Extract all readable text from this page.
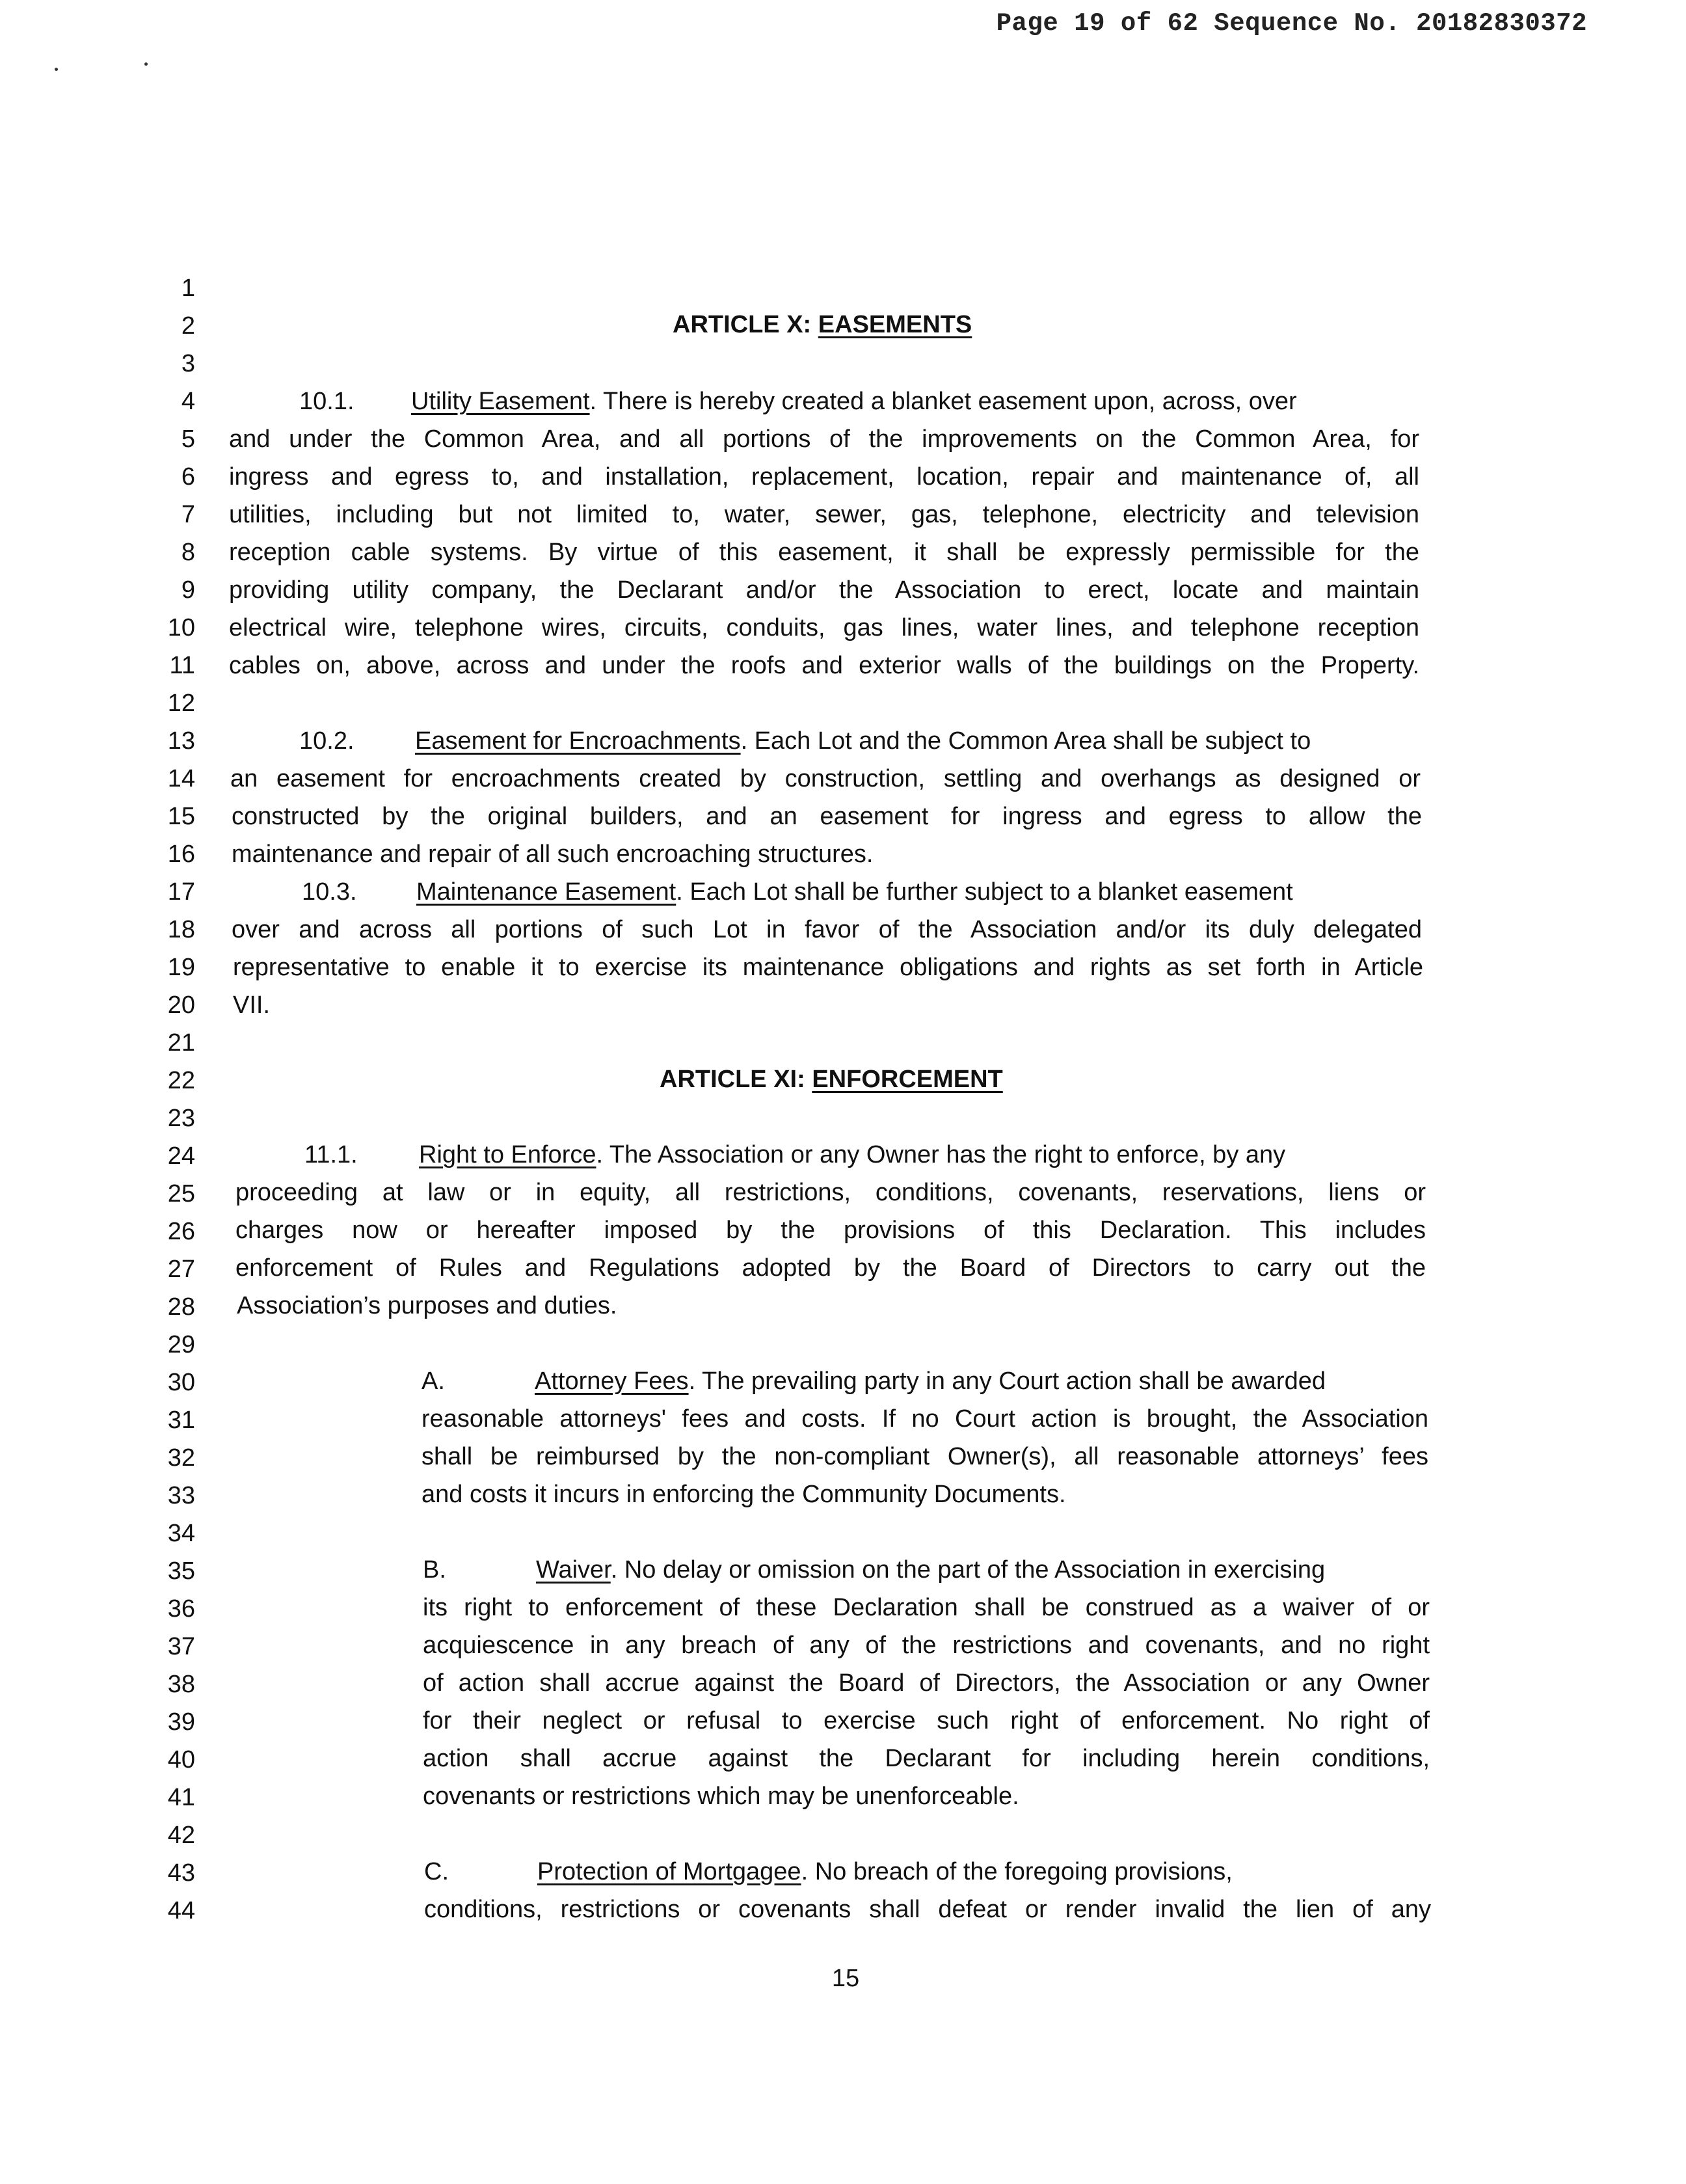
Page 19 of 62 Sequence No. 20182830372
1
2
3
4
5
6
7
8
9
10
11
12
13
14
15
16
17
18
19
20
21
22
23
24
25
26
27
28
29
30
31
32
33
34
35
36
37
38
39
40
41
42
43
44
ARTICLE X: EASEMENTS
10.1. Utility Easement. There is hereby created a blanket easement upon, across, over
and under the Common Area, and all portions of the improvements on the Common Area, for
ingress and egress to, and installation, replacement, location, repair and maintenance of, all
utilities, including but not limited to, water, sewer, gas, telephone, electricity and television
reception cable systems. By virtue of this easement, it shall be expressly permissible for the
providing utility company, the Declarant and/or the Association to erect, locate and maintain
electrical wire, telephone wires, circuits, conduits, gas lines, water lines, and telephone reception
cables on, above, across and under the roofs and exterior walls of the buildings on the Property.
10.2. Easement for Encroachments. Each Lot and the Common Area shall be subject to
an easement for encroachments created by construction, settling and overhangs as designed or
constructed by the original builders, and an easement for ingress and egress to allow the
maintenance and repair of all such encroaching structures.
10.3. Maintenance Easement. Each Lot shall be further subject to a blanket easement
over and across all portions of such Lot in favor of the Association and/or its duly delegated
representative to enable it to exercise its maintenance obligations and rights as set forth in Article
VII.
ARTICLE XI: ENFORCEMENT
11.1. Right to Enforce. The Association or any Owner has the right to enforce, by any
proceeding at law or in equity, all restrictions, conditions, covenants, reservations, liens or
charges now or hereafter imposed by the provisions of this Declaration. This includes
enforcement of Rules and Regulations adopted by the Board of Directors to carry out the
Association’s purposes and duties.
A.	Attorney Fees. The prevailing party in any Court action shall be awarded
reasonable attorneys' fees and costs. If no Court action is brought, the Association
shall be reimbursed by the non-compliant Owner(s), all reasonable attorneys’ fees
and costs it incurs in enforcing the Community Documents.
B.	Waiver. No delay or omission on the part of the Association in exercising
its right to enforcement of these Declaration shall be construed as a waiver of or
acquiescence in any breach of any of the restrictions and covenants, and no right
of action shall accrue against the Board of Directors, the Association or any Owner
for their neglect or refusal to exercise such right of enforcement. No right of
action shall accrue against the Declarant for including herein conditions,
covenants or restrictions which may be unenforceable.
C.	Protection of Mortgagee. No breach of the foregoing provisions,
conditions, restrictions or covenants shall defeat or render invalid the lien of any
15
